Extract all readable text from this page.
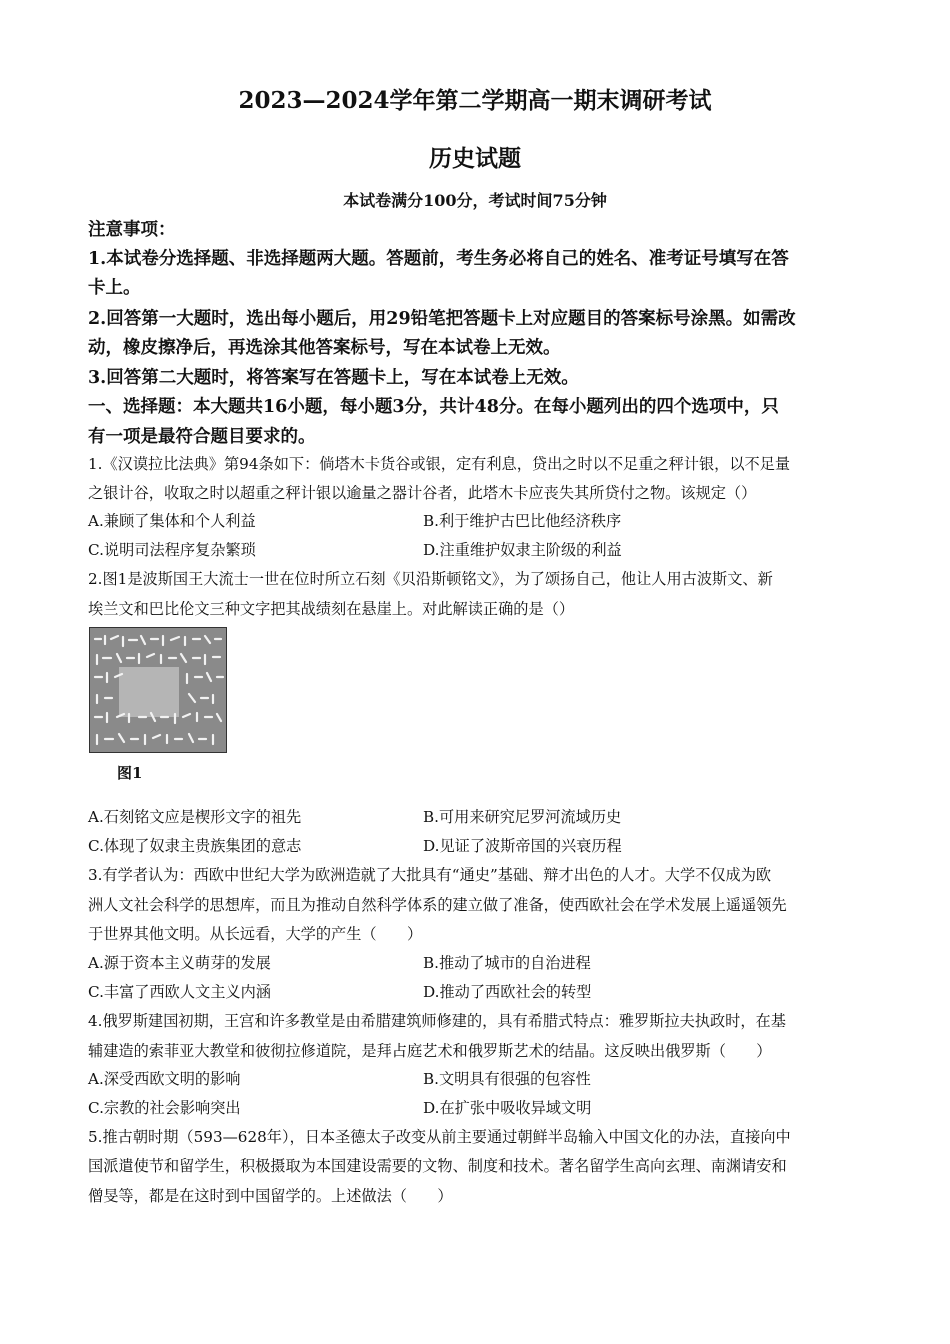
2023—2024学年第二学期高一期末调研考试
历史试题
本试卷满分100分，考试时间75分钟
注意事项：
1.本试卷分选择题、非选择题两大题。答题前，考生务必将自己的姓名、准考证号填写在答
卡上。
2.回答第一大题时，选出每小题后，用29铅笔把答题卡上对应题目的答案标号涂黑。如需改
动，橡皮擦净后，再选涂其他答案标号，写在本试卷上无效。
3.回答第二大题时，将答案写在答题卡上，写在本试卷上无效。
一、选择题：本大题共16小题，每小题3分，共计48分。在每小题列出的四个选项中，只
有一项是最符合题目要求的。
1.《汉谟拉比法典》第94条如下：倘塔木卡货谷或银，定有利息，贷出之时以不足重之秤计银，以不足量
之银计谷，收取之时以超重之秤计银以逾量之器计谷者，此塔木卡应丧失其所贷付之物。该规定（）
A.兼顾了集体和个人利益	B.利于维护古巴比他经济秩序
C.说明司法程序复杂繁琐	D.注重维护奴隶主阶级的利益
2.图1是波斯国王大流士一世在位时所立石刻《贝沿斯顿铭文》，为了颂扬自己，他让人用古波斯文、新
埃兰文和巴比伦文三种文字把其战绩刻在悬崖上。对此解读正确的是（）
图1
A.石刻铭文应是楔形文字的祖先	B.可用来研究尼罗河流域历史
C.体现了奴隶主贵族集团的意志	D.见证了波斯帝国的兴衰历程
3.有学者认为：西欧中世纪大学为欧洲造就了大批具有“通史”基础、辩才出色的人才。大学不仅成为欧
洲人文社会科学的思想库，而且为推动自然科学体系的建立做了准备，使西欧社会在学术发展上遥遥领先
于世界其他文明。从长远看，大学的产生（　　）
A.源于资本主义萌芽的发展	B.推动了城市的自治进程
C.丰富了西欧人文主义内涵	D.推动了西欧社会的转型
4.俄罗斯建国初期，王宫和许多教堂是由希腊建筑师修建的，具有希腊式特点：雅罗斯拉夫执政时，在基
辅建造的索菲亚大教堂和彼彻拉修道院，是拜占庭艺术和俄罗斯艺术的结晶。这反映出俄罗斯（　　）
A.深受西欧文明的影响	B.文明具有很强的包容性
C.宗教的社会影响突出	D.在扩张中吸收异域文明
5.推古朝时期（593—628年），日本圣德太子改变从前主要通过朝鲜半岛输入中国文化的办法，直接向中
国派遣使节和留学生，积极摄取为本国建设需要的文物、制度和技术。著名留学生高向玄理、南渊请安和
僧旻等，都是在这时到中国留学的。上述做法（　　）
